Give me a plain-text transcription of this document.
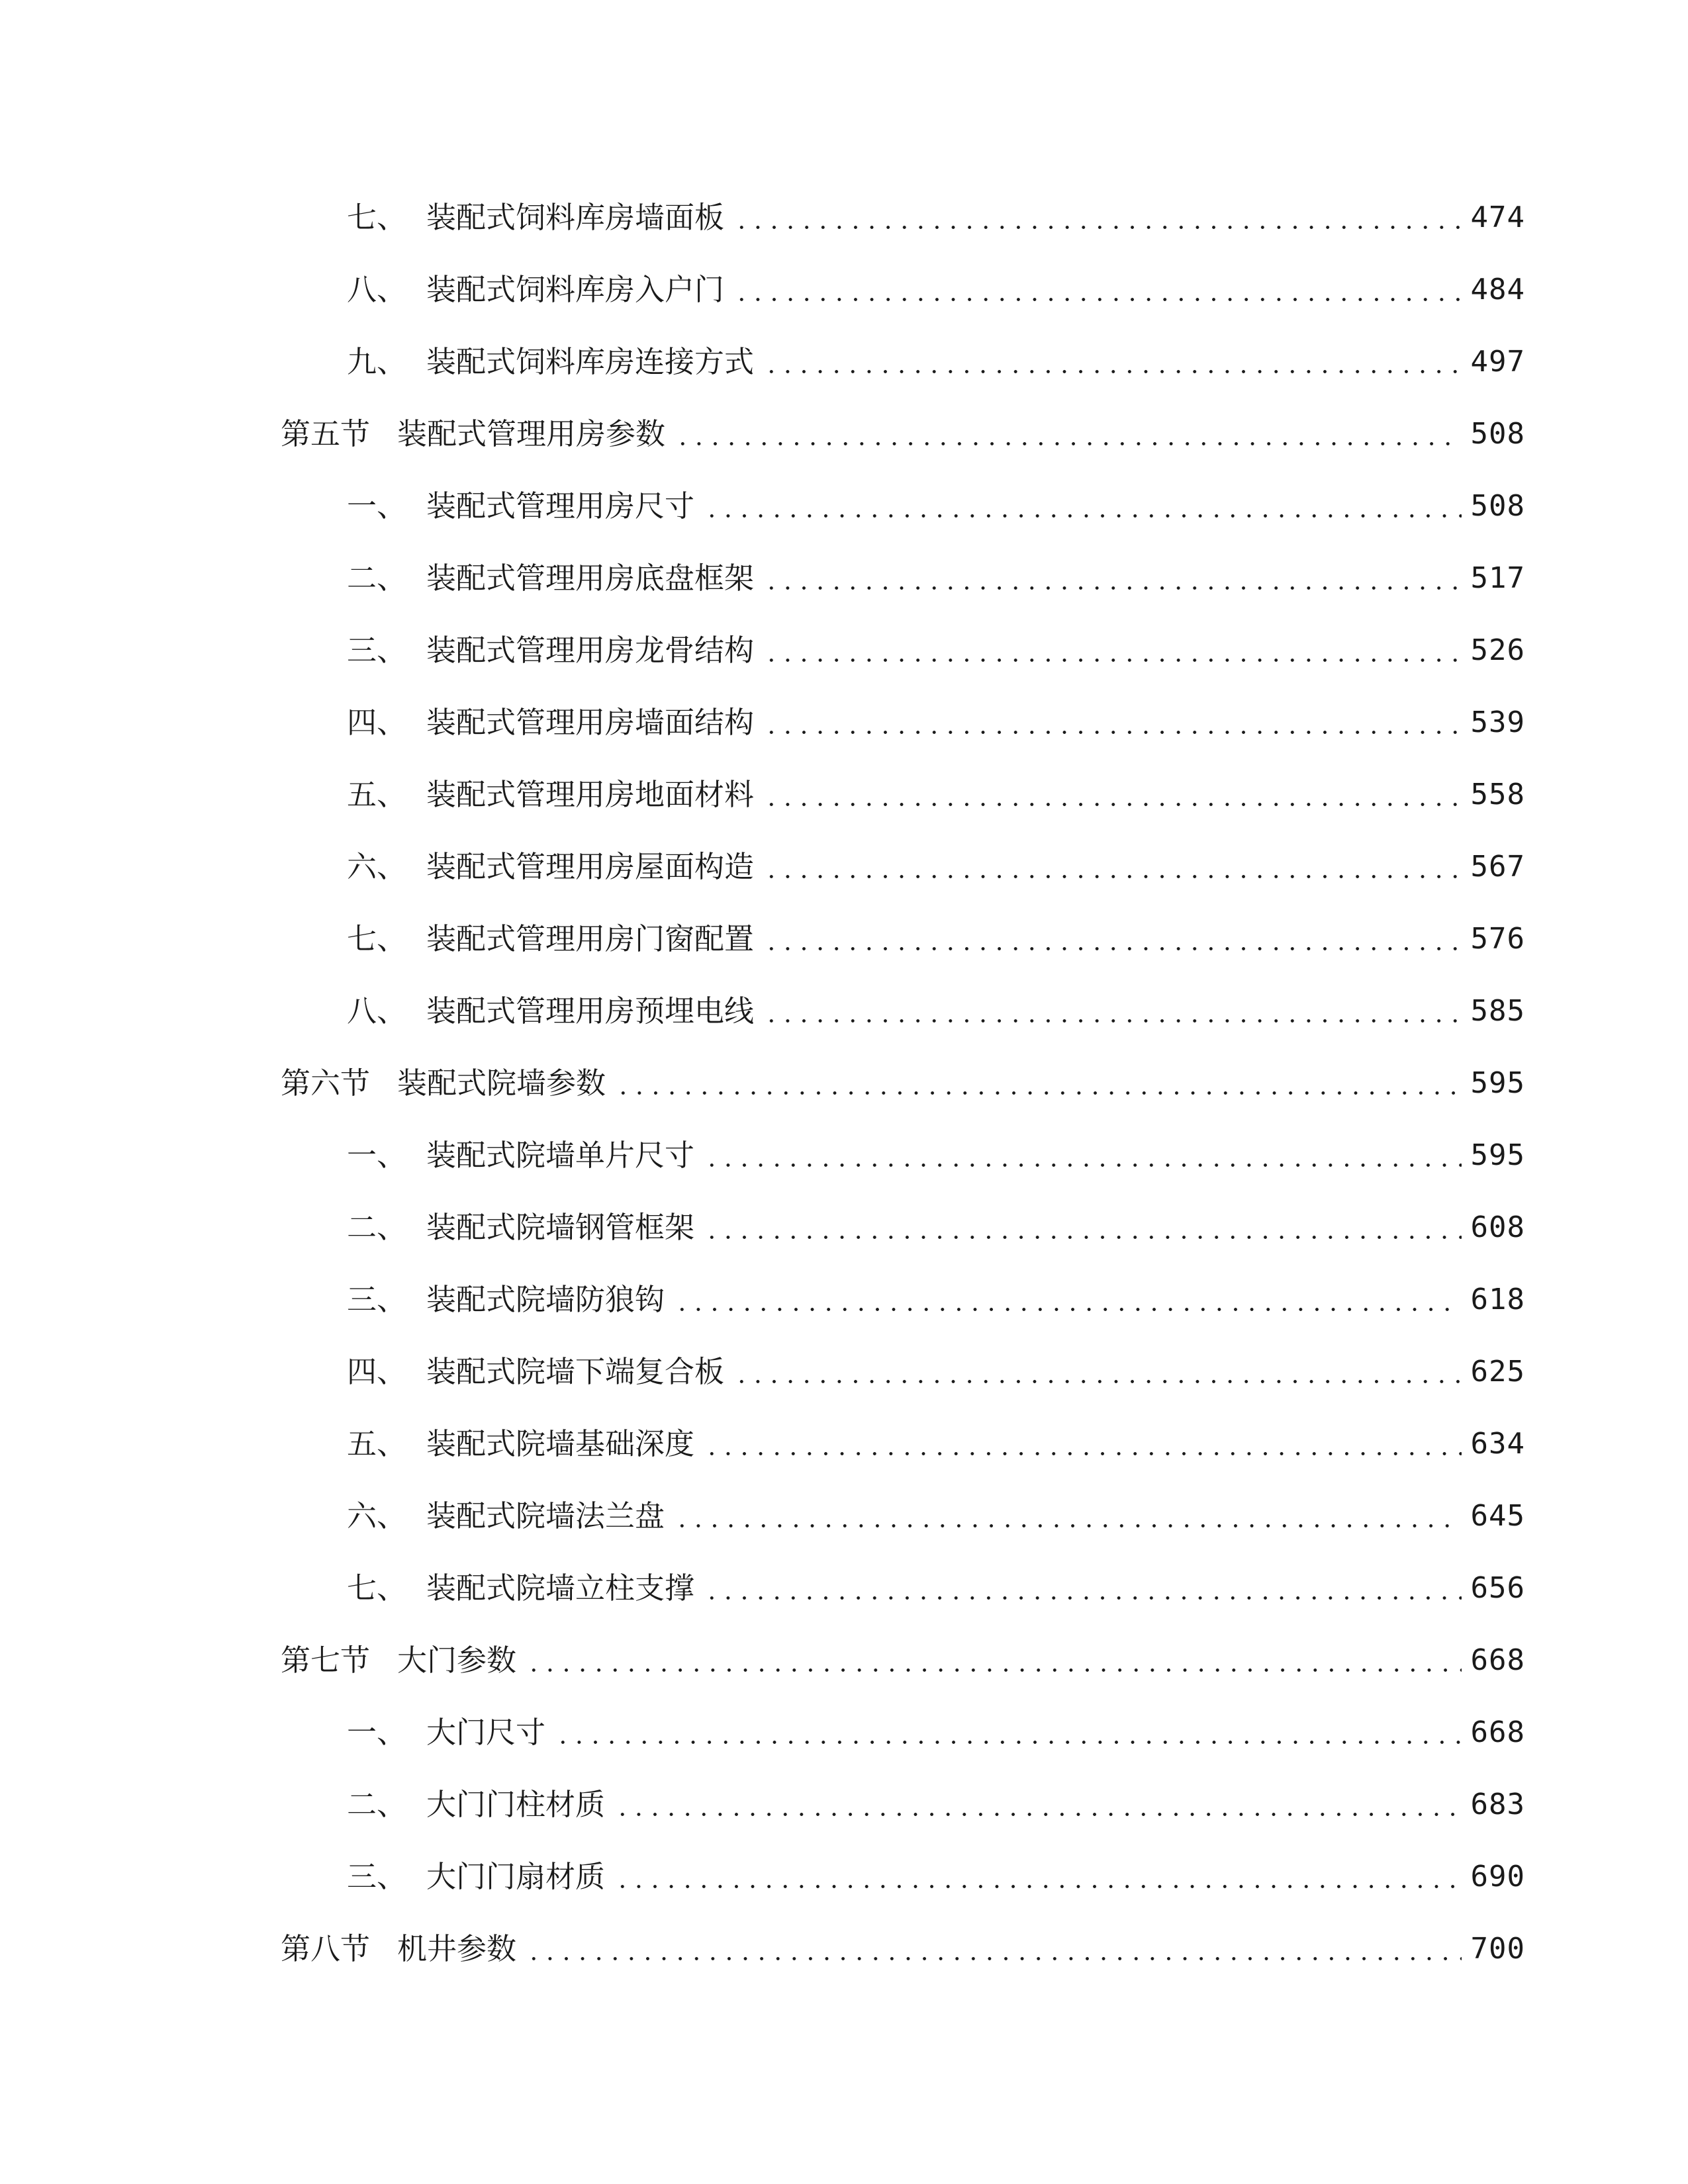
七、 装配式饲料库房墙面板	474
八、 装配式饲料库房入户门	484
九、 装配式饲料库房连接方式	497
第五节 装配式管理用房参数	508
一、 装配式管理用房尺寸	508
二、 装配式管理用房底盘框架	517
三、 装配式管理用房龙骨结构	526
四、 装配式管理用房墙面结构	539
五、 装配式管理用房地面材料	558
六、 装配式管理用房屋面构造	567
七、 装配式管理用房门窗配置	576
八、 装配式管理用房预埋电线	585
第六节 装配式院墙参数	595
一、 装配式院墙单片尺寸	595
二、 装配式院墙钢管框架	608
三、 装配式院墙防狼钩	618
四、 装配式院墙下端复合板	625
五、 装配式院墙基础深度	634
六、 装配式院墙法兰盘	645
七、 装配式院墙立柱支撑	656
第七节 大门参数	668
一、 大门尺寸	668
二、 大门门柱材质	683
三、 大门门扇材质	690
第八节 机井参数	700
